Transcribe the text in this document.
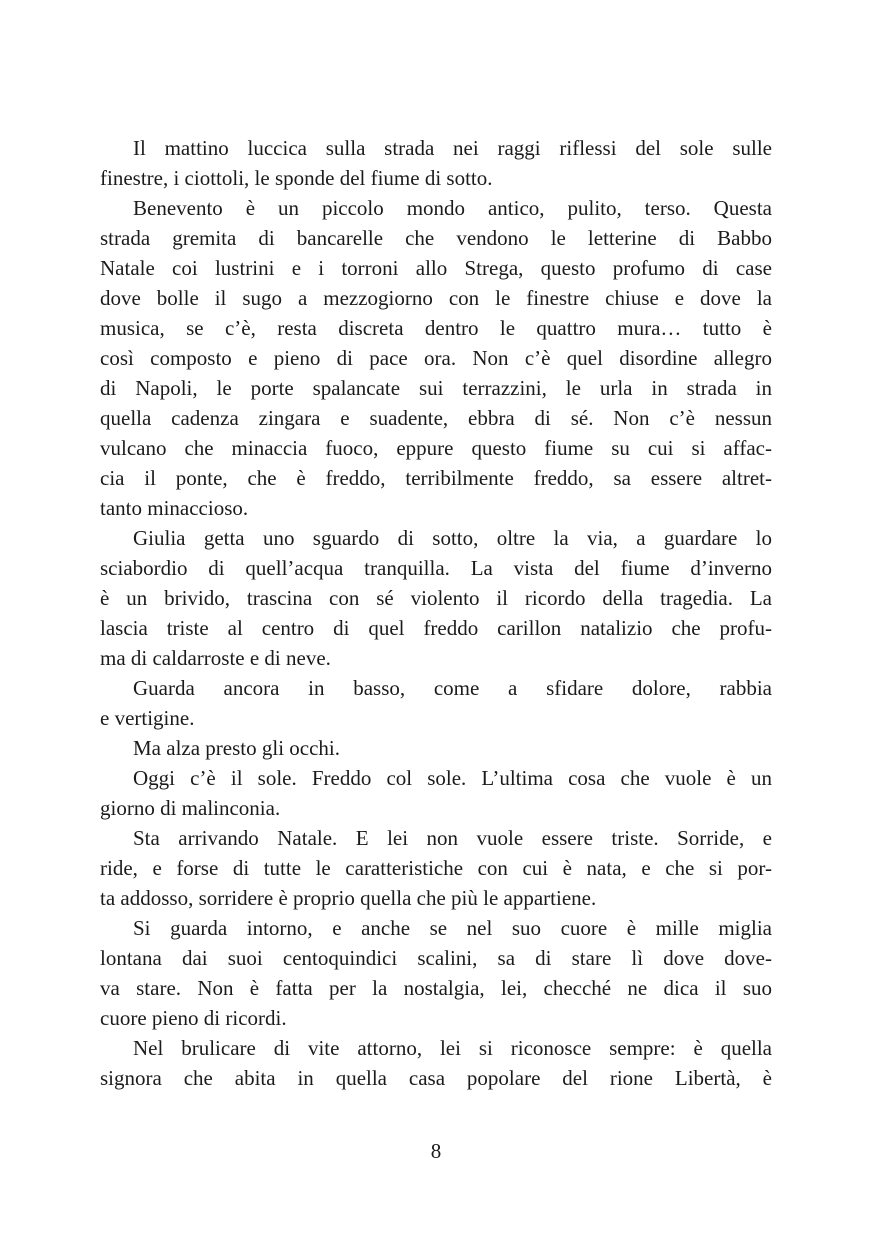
Il mattino luccica sulla strada nei raggi riflessi del sole sulle
finestre, i ciottoli, le sponde del fiume di sotto.
Benevento è un piccolo mondo antico, pulito, terso. Questa
strada gremita di bancarelle che vendono le letterine di Babbo
Natale coi lustrini e i torroni allo Strega, questo profumo di case
dove bolle il sugo a mezzogiorno con le finestre chiuse e dove la
musica, se c’è, resta discreta dentro le quattro mura… tutto è
così composto e pieno di pace ora. Non c’è quel disordine allegro
di Napoli, le porte spalancate sui terrazzini, le urla in strada in
quella cadenza zingara e suadente, ebbra di sé. Non c’è nessun
vulcano che minaccia fuoco, eppure questo fiume su cui si affac-
cia il ponte, che è freddo, terribilmente freddo, sa essere altret-
tanto minaccioso.
Giulia getta uno sguardo di sotto, oltre la via, a guardare lo
sciabordio di quell’acqua tranquilla. La vista del fiume d’inverno
è un brivido, trascina con sé violento il ricordo della tragedia. La
lascia triste al centro di quel freddo carillon natalizio che profu-
ma di caldarroste e di neve.
Guarda ancora in basso, come a sfidare dolore, rabbia
e vertigine.
Ma alza presto gli occhi.
Oggi c’è il sole. Freddo col sole. L’ultima cosa che vuole è un
giorno di malinconia.
Sta arrivando Natale. E lei non vuole essere triste. Sorride, e
ride, e forse di tutte le caratteristiche con cui è nata, e che si por-
ta addosso, sorridere è proprio quella che più le appartiene.
Si guarda intorno, e anche se nel suo cuore è mille miglia
lontana dai suoi centoquindici scalini, sa di stare lì dove dove-
va stare. Non è fatta per la nostalgia, lei, checché ne dica il suo
cuore pieno di ricordi.
Nel brulicare di vite attorno, lei si riconosce sempre: è quella
signora che abita in quella casa popolare del rione Libertà, è
8
